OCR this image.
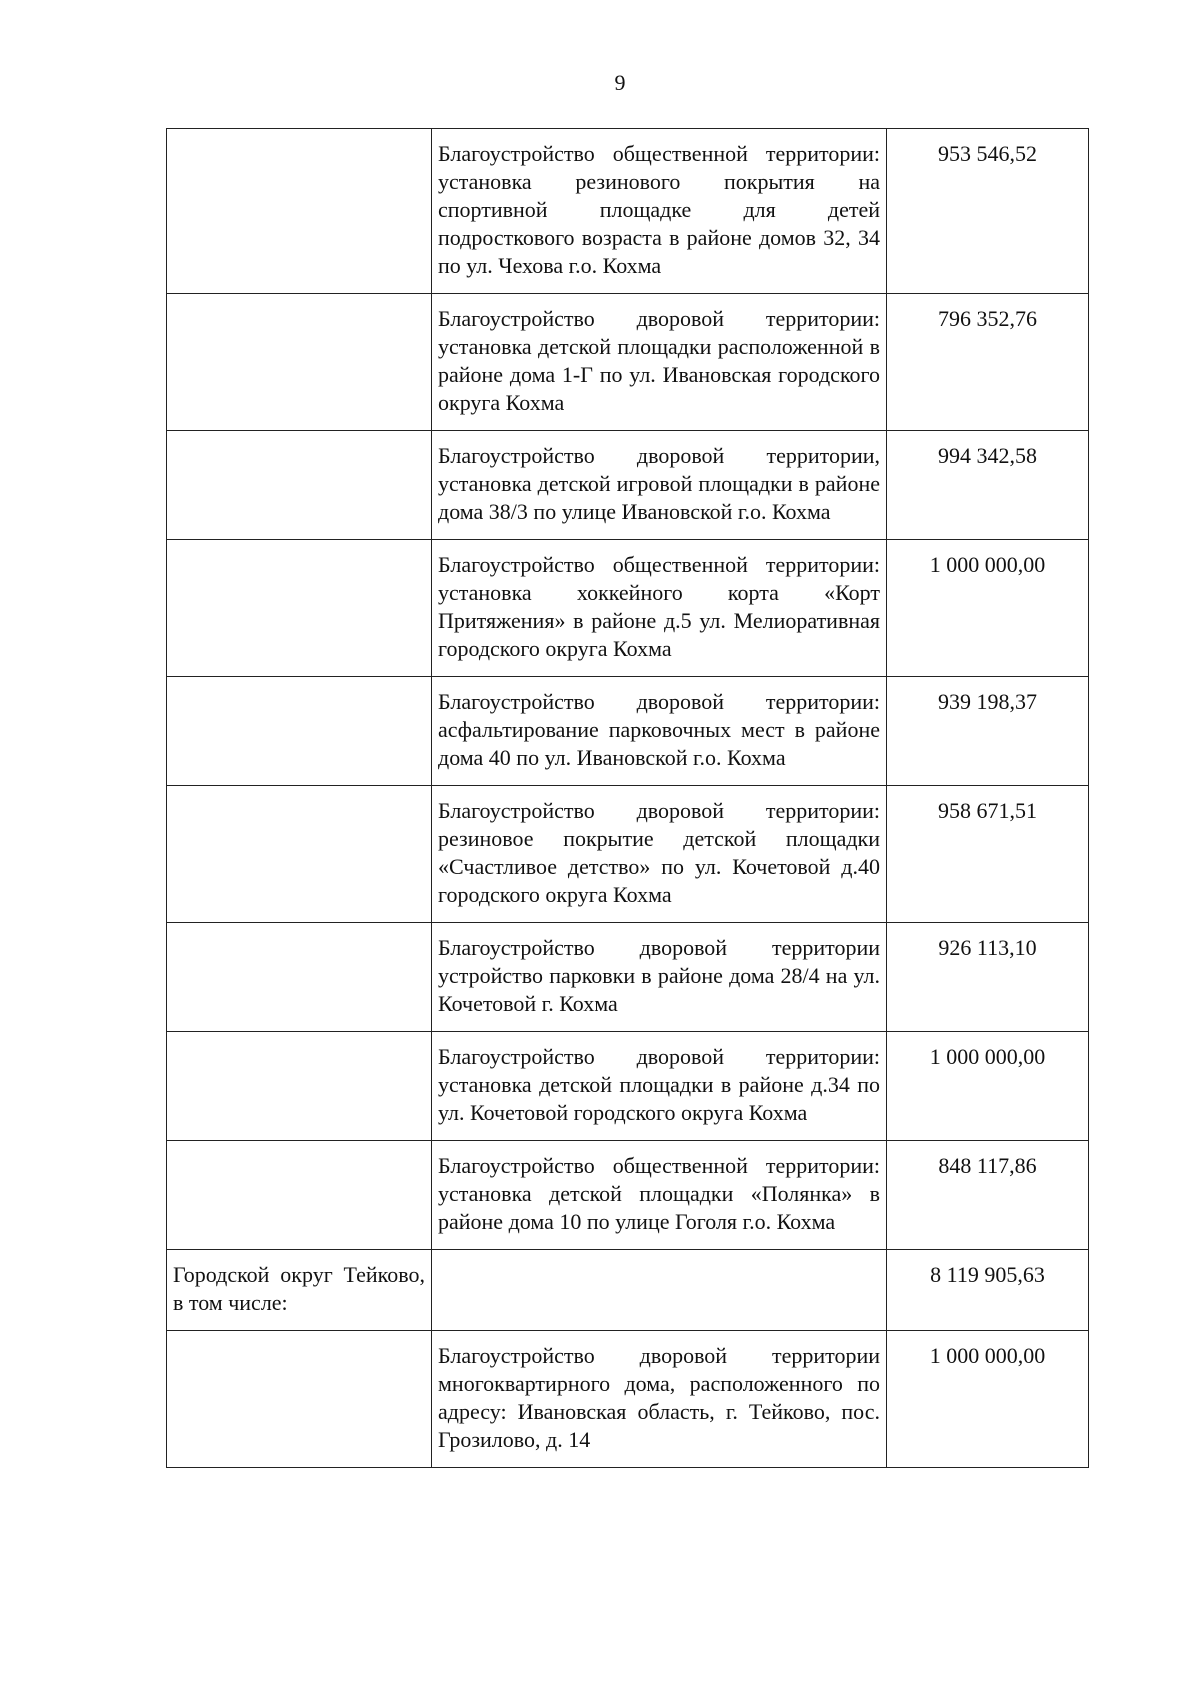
9
	Благоустройство общественной территории: установка резинового покрытия на спортивной площадке для детей подросткового возраста в районе домов 32, 34 по ул. Чехова г.о. Кохма	953 546,52
	Благоустройство дворовой территории: установка детской площадки расположенной в районе дома 1-Г по ул. Ивановская городского округа Кохма	796 352,76
	Благоустройство дворовой территории, установка детской игровой площадки в районе дома 38/3 по улице Ивановской г.о. Кохма	994 342,58
	Благоустройство общественной территории: установка хоккейного корта «Корт Притяжения» в районе д.5 ул. Мелиоративная городского округа Кохма	1 000 000,00
	Благоустройство дворовой территории: асфальтирование парковочных мест в районе дома 40 по ул. Ивановской г.о. Кохма	939 198,37
	Благоустройство дворовой территории: резиновое покрытие детской площадки «Счастливое детство» по ул. Кочетовой д.40 городского округа Кохма	958 671,51
	Благоустройство дворовой территории устройство парковки в районе дома 28/4 на ул. Кочетовой г. Кохма	926 113,10
	Благоустройство дворовой территории: установка детской площадки в районе д.34 по ул. Кочетовой городского округа Кохма	1 000 000,00
	Благоустройство общественной территории: установка детской площадки «Полянка» в районе дома 10 по улице Гоголя г.о. Кохма	848 117,86
Городской округ Тейково, в том числе:		8 119 905,63
	Благоустройство дворовой территории многоквартирного дома, расположенного по адресу: Ивановская область, г. Тейково, пос. Грозилово, д. 14	1 000 000,00
